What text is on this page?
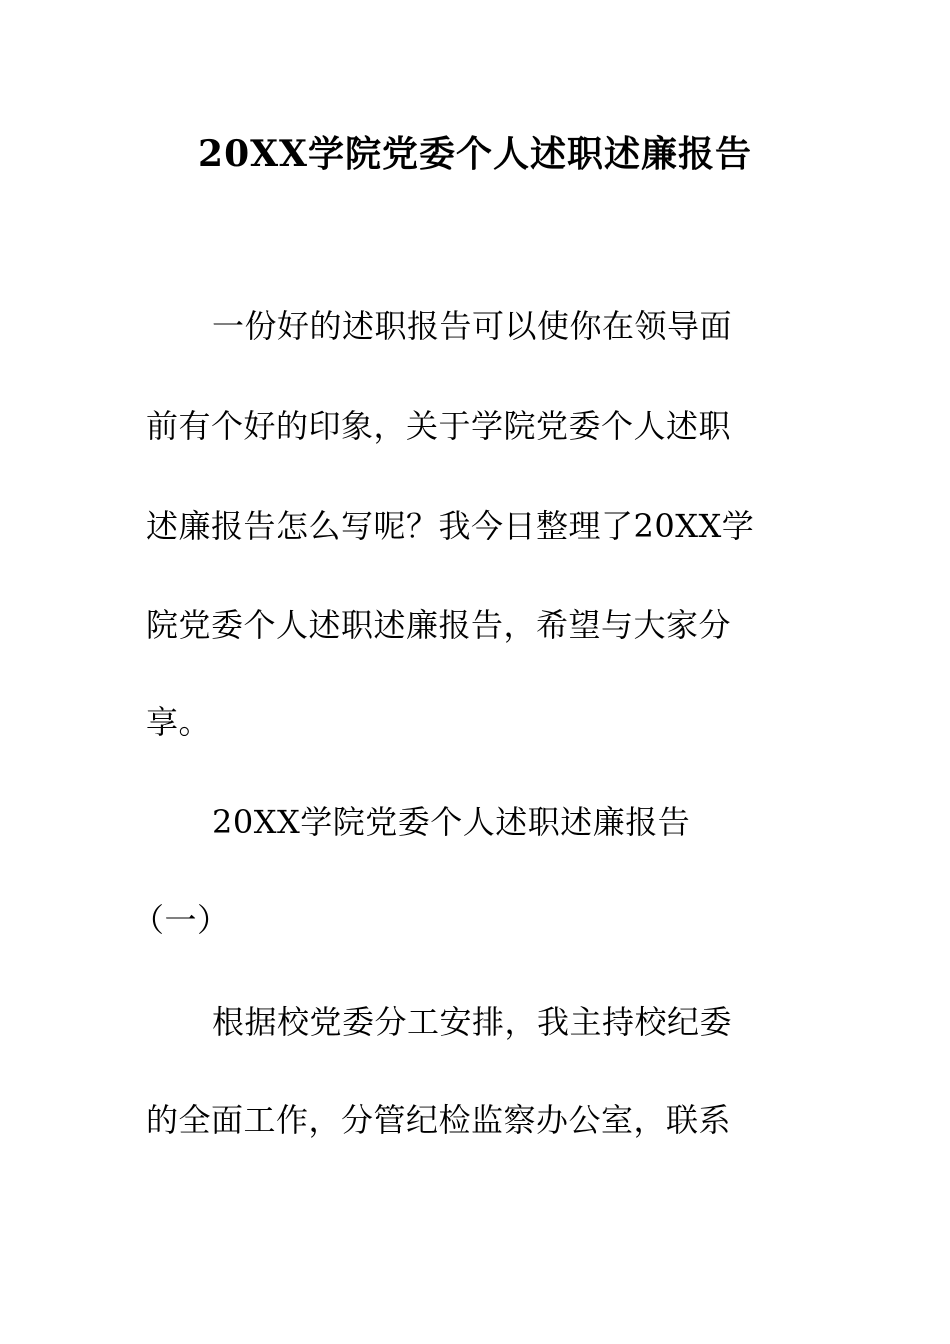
20XX学院党委个人述职述廉报告

一份好的述职报告可以使你在领导面

前有个好的印象，关于学院党委个人述职

述廉报告怎么写呢？我今日整理了20XX学

院党委个人述职述廉报告，希望与大家分

享。

20XX学院党委个人述职述廉报告

（一）

根据校党委分工安排，我主持校纪委

的全面工作，分管纪检监察办公室，联系
